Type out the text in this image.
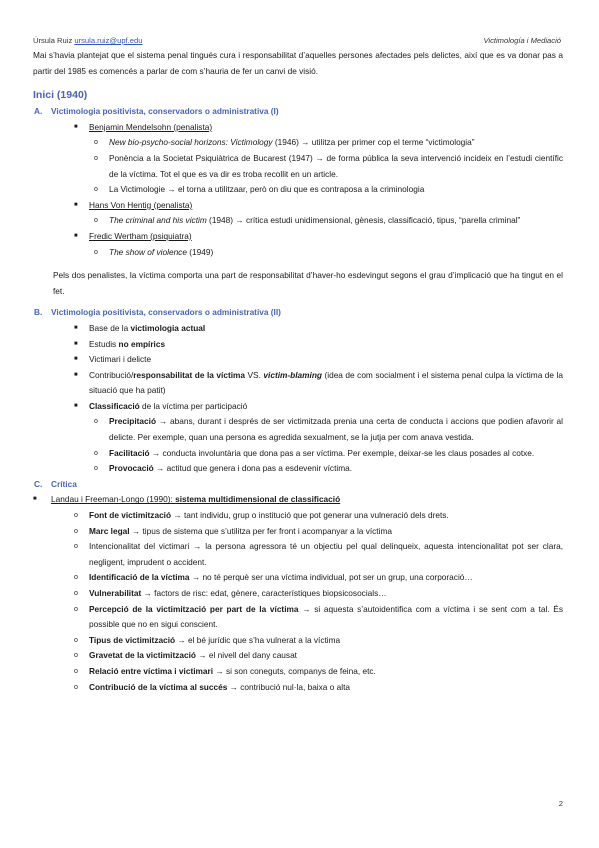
Úrsula Ruiz ursula.ruiz@upf.edu	Victimología i Mediació

Mai s’havia plantejat que el sistema penal tingués cura i responsabilitat d’aquelles persones afectades pels delictes, així que es va donar pas a partir del 1985 es comencés a parlar de com s’hauria de fer un canvi de visió.

Inici (1940)
A.	Victimologia positivista, conservadors o administrativa (I)
■	Benjamin Mendelsohn (penalista)
o	New bio-psycho-social horizons: Victimology (1946) → utilitza per primer cop el terme “victimologia”
o	Ponència a la Societat Psiquiàtrica de Bucarest (1947) → de forma pública la seva intervenció incideix en l’estudi científic de la víctima. Tot el que es va dir es troba recollit en un article.
o	La Victimologie → el torna a utilitzaar, però on diu que es contraposa a la criminologia
■	Hans Von Hentig (penalista)
o	The criminal and his victim (1948) → crítica estudi unidimensional, gènesis, classificació, tipus, “parella criminal”
■	Fredic Wertham (psiquiatra)
o	The show of violence (1949)

Pels dos penalistes, la víctima comporta una part de responsabilitat d’haver-ho esdevingut segons el grau d’implicació que ha tingut en el fet.

B.	Victimologia positivista, conservadors o administrativa (II)
■	Base de la victimologia actual
■	Estudis no empírics
■	Victimari i delicte
■	Contribució/responsabilitat de la víctima VS. victim-blaming (idea de com socialment i el sistema penal culpa la víctima de la situació que ha patit)
■	Classificació de la víctima per participació
o	Precipitació → abans, durant i després de ser victimitzada prenia una certa de conducta i accions que podien afavorir al delicte. Per exemple, quan una persona es agredida sexualment, se la jutja per com anava vestida.
o	Facilitació → conducta involuntària que dona pas a ser víctima. Per exemple, deixar-se les claus posades al cotxe.
o	Provocació → actitud que genera i dona pas a esdevenir víctima.
C.	Crítica
■	Landau i Freeman-Longo (1990): sistema multidimensional de classificació
o	Font de victimització → tant individu, grup o institució que pot generar una vulneració dels drets.
o	Marc legal → tipus de sistema que s’utilitza per fer front i acompanyar a la víctima
o	Intencionalitat del victimari → la persona agressora té un objectiu pel qual delinqueix, aquesta intencionalitat pot ser clara, negligent, imprudent o accident.
o	Identificació de la víctima → no té perquè ser una víctima individual, pot ser un grup, una corporació…
o	Vulnerabilitat → factors de risc: edat, gènere, característiques biopsicosocials…
o	Percepció de la victimització per part de la víctima → si aquesta s’autoidentifica com a víctima i se sent com a tal. És possible que no en sigui conscient.
o	Tipus de victimització → el bé jurídic que s’ha vulnerat a la víctima
o	Gravetat de la victimització → el nivell del dany causat
o	Relació entre víctima i victimari → si son coneguts, companys de feina, etc.
o	Contribució de la víctima al succés → contribució nul·la, baixa o alta
2
